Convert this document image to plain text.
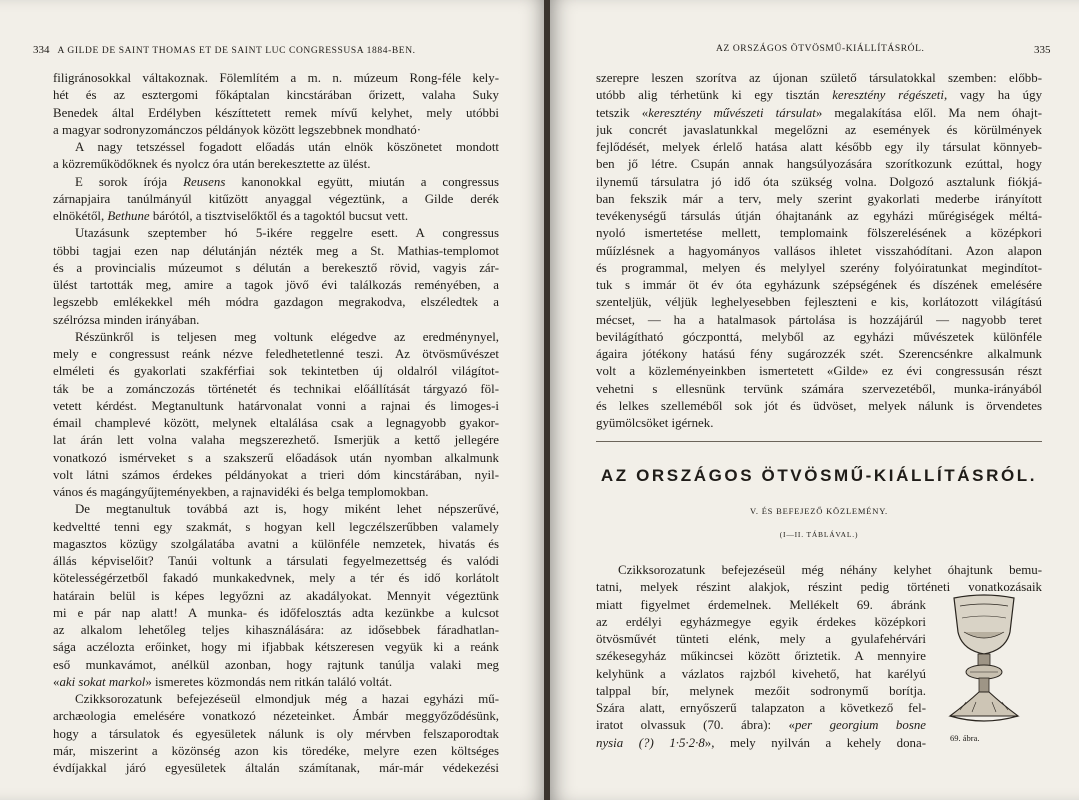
334 A GILDE DE SAINT THOMAS ET DE SAINT LUC CONGRESSUSA 1884-BEN.
filigránosokkal váltakoznak. Fölemlítém a m. n. múzeum Rong-féle kely-
hét és az esztergomi főkáptalan kincstárában őrizett, valaha Suky
Benedek által Erdélyben készíttetett remek mívű kelyhet, mely utóbbi
a magyar sodronyzománczos példányok között legszebbnek mondható·
A nagy tetszéssel fogadott előadás után elnök köszönetet mondott
a közreműködőknek és nyolcz óra után berekesztette az ülést.
E sorok írója Reusens kanonokkal együtt, miután a congressus
zárnapjaira tanúlmányúl kitűzött anyaggal végeztünk, a Gilde derék
elnökétől, Bethune bárótól, a tisztviselőktől és a tagoktól bucsut vett.
Utazásunk szeptember hó 5-ikére reggelre esett. A congressus
többi tagjai ezen nap délutánján nézték meg a St. Mathias-templomot
és a provincialis múzeumot s délután a berekesztő rövid, vagyis zár-
ülést tartották meg, amire a tagok jövő évi találkozás reményében, a
legszebb emlékekkel méh módra gazdagon megrakodva, elszéledtek a
szélrózsa minden irányában.
Részünkről is teljesen meg voltunk elégedve az eredménynyel,
mely e congressust reánk nézve feledhetetlenné teszi. Az ötvösművészet
elméleti és gyakorlati szakférfiai sok tekintetben új oldalról világítot-
ták be a zománczozás történetét és technikai előállítását tárgyazó föl-
vetett kérdést. Megtanultunk határvonalat vonni a rajnai és limoges-i
émail champlevé között, melynek eltalálása csak a legnagyobb gyakor-
lat árán lett volna valaha megszerezhető. Ismerjük a kettő jellegére
vonatkozó ismérveket s a szakszerű előadások után nyomban alkalmunk
volt látni számos érdekes példányokat a trieri dóm kincstárában, nyil-
vános és magángyűjteményekben, a rajnavidéki és belga templomokban.
De megtanultuk továbbá azt is, hogy miként lehet népszerűvé,
kedveltté tenni egy szakmát, s hogyan kell legczélszerűbben valamely
magasztos közügy szolgálatába avatni a különféle nemzetek, hivatás és
állás képviselőit? Tanúi voltunk a társulati fegyelmezettség és valódi
kötelességérzetből fakadó munkakedvnek, mely a tér és idő korlátolt
határain belül is képes legyőzni az akadályokat. Mennyit végeztünk
mi e pár nap alatt! A munka- és időfelosztás adta kezünkbe a kulcsot
az alkalom lehetőleg teljes kihasználására: az idősebbek fáradhatlan-
sága aczélozta erőinket, hogy mi ifjabbak kétszeresen vegyük ki a reánk
eső munkavámot, anélkül azonban, hogy rajtunk tanúlja valaki meg
«aki sokat markol» ismeretes közmondás nem ritkán találó voltát.
Czikksorozatunk befejezéseül elmondjuk még a hazai egyházi mű-
archæologia emelésére vonatkozó nézeteinket. Ámbár meggyőződésünk,
hogy a társulatok és egyesületek nálunk is oly mérvben felszaporodtak
már, miszerint a közönség azon kis töredéke, melyre ezen költséges
évdíjakkal járó egyesületek általán számítanak, már-már védekezési
AZ ORSZÁGOS ÖTVÖSMŰ-KIÁLLÍTÁSRÓL.	335
szerepre leszen szorítva az újonan születő társulatokkal szemben: előbb-
utóbb alig térhetünk ki egy tisztán keresztény régészeti, vagy ha úgy
tetszik «keresztény művészeti társulat» megalakítása elől. Ma nem óhajt-
juk concrét javaslatunkkal megelőzni az események és körülmények
fejlődését, melyek érlelő hatása alatt később egy ily társulat könnyeb-
ben jő létre. Csupán annak hangsúlyozására szorítkozunk ezúttal, hogy
ilynemű társulatra jó idő óta szükség volna. Dolgozó asztalunk fiókjá-
ban fekszik már a terv, mely szerint gyakorlati mederbe irányított
tevékenységű társulás útján óhajtanánk az egyházi műrégiségek méltá-
nyoló ismertetése mellett, templomaink fölszerelésének a középkori
műízlésnek a hagyományos vallásos ihletet visszahódítani. Azon alapon
és programmal, melyen és melylyel szerény folyóiratunkat megindítot-
tuk s immár öt év óta egyházunk szépségének és díszének emelésére
szenteljük, véljük leghelyesebben fejleszteni e kis, korlátozott világítású
mécset, — ha a hatalmasok pártolása is hozzájárúl — nagyobb teret
bevilágítható góczponttá, melyből az egyházi művészetek különféle
ágaira jótékony hatású fény sugározzék szét. Szerencsénkre alkalmunk
volt a közleményeinkben ismertetett «Gilde» ez évi congressusán részt
vehetni s ellesnünk tervünk számára szervezetéből, munka-irányából
és lelkes szelleméből sok jót és üdvöset, melyek nálunk is örvendetes
gyümölcsöket igérnek.
AZ ORSZÁGOS ÖTVÖSMŰ-KIÁLLÍTÁSRÓL.
V. ÉS BEFEJEZŐ KÖZLEMÉNY.
(I—II. TÁBLÁVAL.)
Czikksorozatunk befejezéseül még néhány kelyhet óhajtunk bemu-
tatni, melyek részint alakjok, részint pedig történeti vonatkozásaik
miatt figyelmet érdemelnek. Mellékelt 69. ábránk
az erdélyi egyházmegye egyik érdekes középkori
ötvösművét tünteti elénk, mely a gyulafehérvári
székesegyház műkincsei között őriztetik. A mennyire
kelyhünk a vázlatos rajzból kivehető, hat karélyú
talppal bír, melynek mezőit sodronymű borítja.
Szára alatt, ernyőszerű talapzaton a következő fel-
iratot olvassuk (70. ábra): «per georgium bosne
nysia (?) 1·5·2·8», mely nyilván a kehely dona-	69. ábra.
